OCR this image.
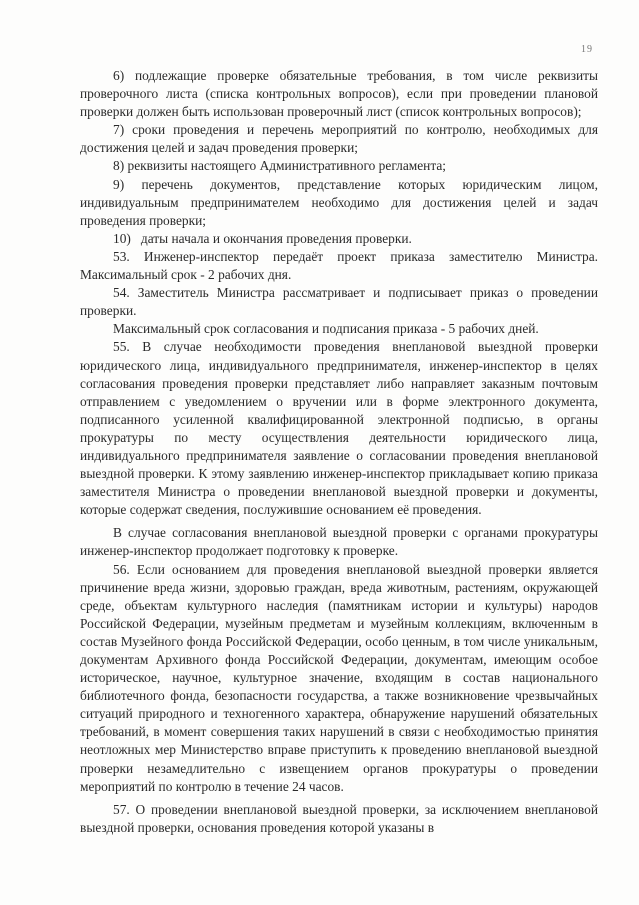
19

6) подлежащие проверке обязательные требования, в том числе реквизиты проверочного листа (списка контрольных вопросов), если при проведении плановой проверки должен быть использован проверочный лист (список контрольных вопросов);

7) сроки проведения и перечень мероприятий по контролю, необходимых для достижения целей и задач проведения проверки;

8) реквизиты настоящего Административного регламента;

9) перечень документов, представление которых юридическим лицом, индивидуальным предпринимателем необходимо для достижения целей и задач проведения проверки;

10)   даты начала и окончания проведения проверки.

53. Инженер-инспектор передаёт проект приказа заместителю Министра. Максимальный срок - 2 рабочих дня.

54. Заместитель Министра рассматривает и подписывает приказ о проведении проверки.

Максимальный срок согласования и подписания приказа - 5 рабочих дней.

55. В случае необходимости проведения внеплановой выездной проверки юридического лица, индивидуального предпринимателя, инженер-инспектор в целях согласования проведения проверки представляет либо направляет заказным почтовым отправлением с уведомлением о вручении или в форме электронного документа, подписанного усиленной квалифицированной электронной подписью, в органы прокуратуры по месту осуществления деятельности юридического лица, индивидуального предпринимателя заявление о согласовании проведения внеплановой выездной проверки. К этому заявлению инженер-инспектор прикладывает копию приказа заместителя Министра о проведении внеплановой выездной проверки и документы, которые содержат сведения, послужившие основанием её проведения.

В случае согласования внеплановой выездной проверки с органами прокуратуры инженер-инспектор продолжает подготовку к проверке.

56. Если основанием для проведения внеплановой выездной проверки является причинение вреда жизни, здоровью граждан, вреда животным, растениям, окружающей среде, объектам культурного наследия (памятникам истории и культуры) народов Российской Федерации, музейным предметам и музейным коллекциям, включенным в состав Музейного фонда Российской Федерации, особо ценным, в том числе уникальным, документам Архивного фонда Российской Федерации, документам, имеющим особое историческое, научное, культурное значение, входящим в состав национального библиотечного фонда, безопасности государства, а также возникновение чрезвычайных ситуаций природного и техногенного характера, обнаружение нарушений обязательных требований, в момент совершения таких нарушений в связи с необходимостью принятия неотложных мер Министерство вправе приступить к проведению внеплановой выездной проверки незамедлительно с извещением органов прокуратуры о проведении мероприятий по контролю в течение 24 часов.

57. О проведении внеплановой выездной проверки, за исключением внеплановой выездной проверки, основания проведения которой указаны в
